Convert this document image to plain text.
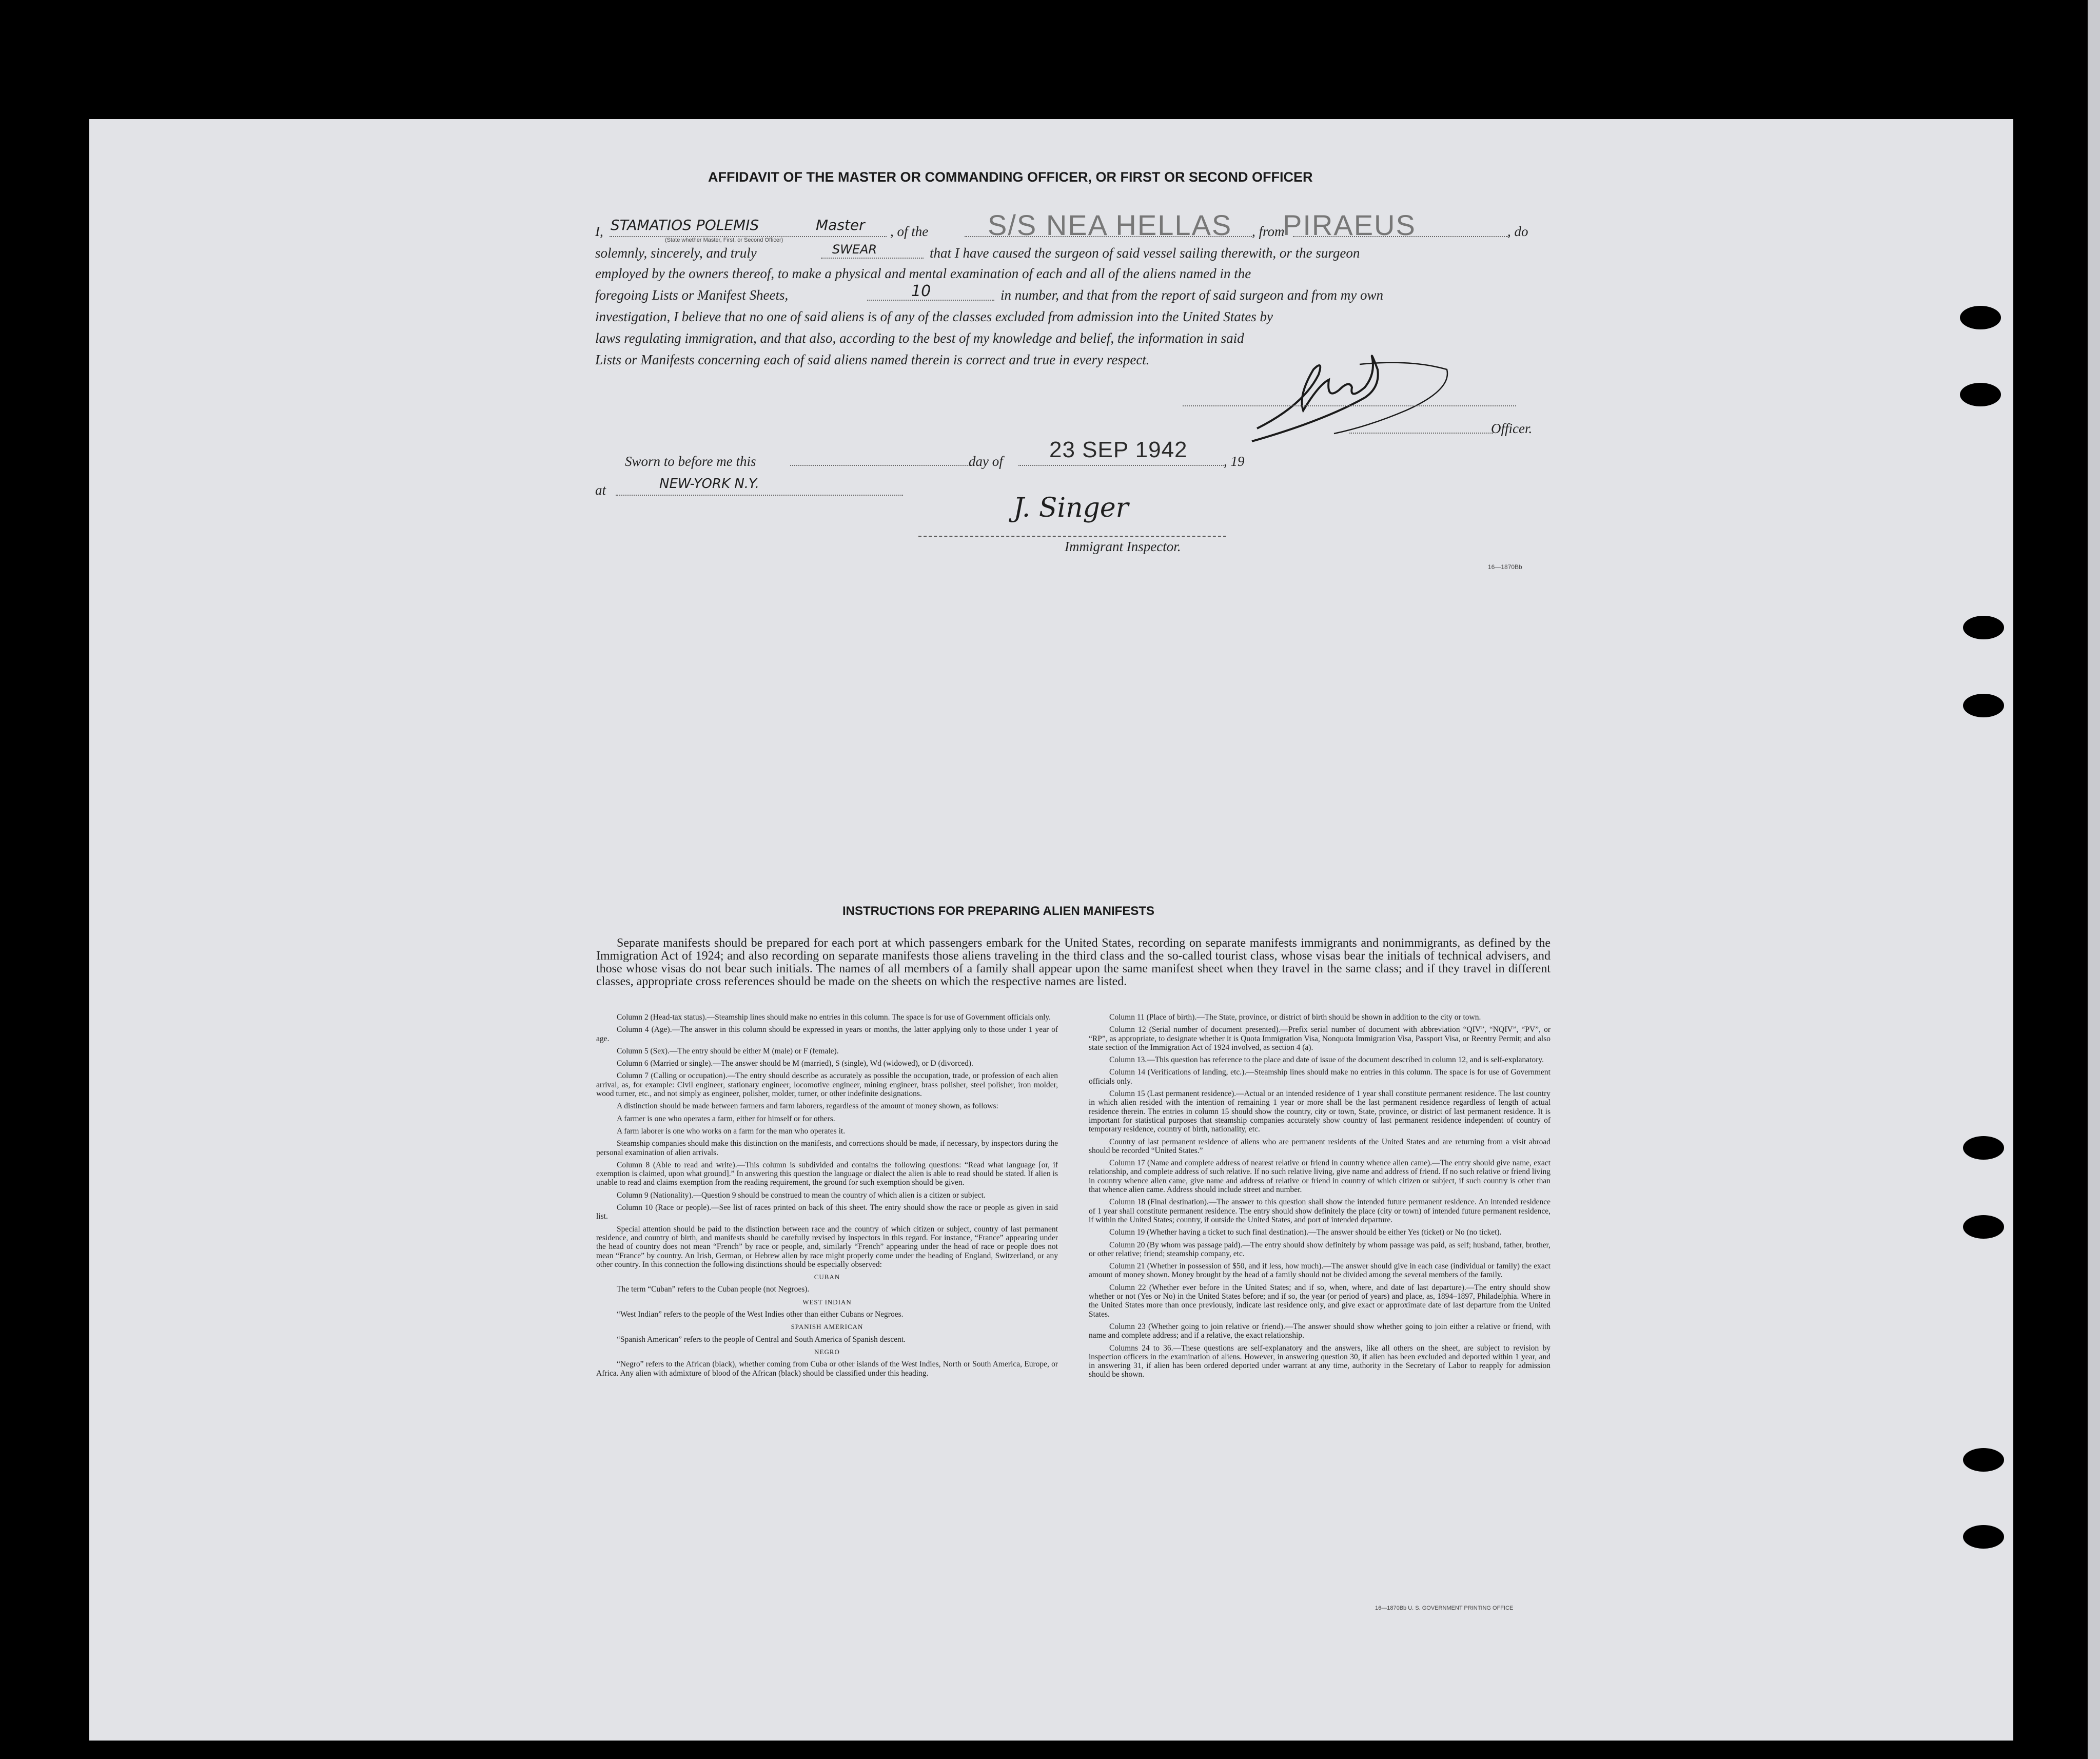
AFFIDAVIT OF THE MASTER OR COMMANDING OFFICER, OR FIRST OR SECOND OFFICER
I, STAMATIOS POLEMIS	Master
(State whether Master, First, or Second Officer)
, of the S/S NEA HELLAS , from
PIRAEUS	, do
solemnly, sincerely, and truly	SWEAR	that I have caused the surgeon of said vessel sailing therewith, or the surgeon
employed by the owners thereof, to make a physical and mental examination of each and all of the aliens named in the
foregoing Lists or Manifest Sheets,	10	in number, and that from the report of said surgeon and from my own
investigation, I believe that no one of said aliens is of any of the classes excluded from admission into the United States by
laws regulating immigration, and that also, according to the best of my knowledge and belief, the information in said
Lists or Manifests concerning each of said aliens named therein is correct and true in every respect.
Officer.
Sworn to before me this	day of 23 SEP 1942	, 19
at	NEW-YORK N.Y.
J. Singer
Immigrant Inspector.
16—1870Bb
INSTRUCTIONS FOR PREPARING ALIEN MANIFESTS
Separate manifests should be prepared for each port at which passengers embark for the United States, recording on separate manifests immigrants and nonimmigrants, as defined by the Immigration Act of 1924; and also recording on separate manifests those aliens traveling in the third class and the so-called tourist class, whose visas bear the initials of technical advisers, and those whose visas do not bear such initials. The names of all members of a family shall appear upon the same manifest sheet when they travel in the same class; and if they travel in different classes, appropriate cross references should be made on the sheets on which the respective names are listed.

Column 2 (Head-tax status).—Steamship lines should make no entries in this column. The space is for use of Government officials only.

Column 4 (Age).—The answer in this column should be expressed in years or months, the latter applying only to those under 1 year of age.

Column 5 (Sex).—The entry should be either M (male) or F (female).

Column 6 (Married or single).—The answer should be M (married), S (single), Wd (widowed), or D (divorced).

Column 7 (Calling or occupation).—The entry should describe as accurately as possible the occupation, trade, or profession of each alien arrival, as, for example: Civil engineer, stationary engineer, locomotive engineer, mining engineer, brass polisher, steel polisher, iron molder, wood turner, etc., and not simply as engineer, polisher, molder, turner, or other indefinite designations.

A distinction should be made between farmers and farm laborers, regardless of the amount of money shown, as follows:

A farmer is one who operates a farm, either for himself or for others.

A farm laborer is one who works on a farm for the man who operates it.

Steamship companies should make this distinction on the manifests, and corrections should be made, if necessary, by inspectors during the personal examination of alien arrivals.

Column 8 (Able to read and write).—This column is subdivided and contains the following questions: “Read what language [or, if exemption is claimed, upon what ground].” In answering this question the language or dialect the alien is able to read should be stated. If alien is unable to read and claims exemption from the reading requirement, the ground for such exemption should be given.

Column 9 (Nationality).—Question 9 should be construed to mean the country of which alien is a citizen or subject.

Column 10 (Race or people).—See list of races printed on back of this sheet. The entry should show the race or people as given in said list.

Special attention should be paid to the distinction between race and the country of which citizen or subject, country of last permanent residence, and country of birth, and manifests should be carefully revised by inspectors in this regard. For instance, “France” appearing under the head of country does not mean “French” by race or people, and, similarly “French” appearing under the head of race or people does not mean “France” by country. An Irish, German, or Hebrew alien by race might properly come under the heading of England, Switzerland, or any other country. In this connection the following distinctions should be especially observed:

CUBAN

The term “Cuban” refers to the Cuban people (not Negroes).

WEST INDIAN

“West Indian” refers to the people of the West Indies other than either Cubans or Negroes.

SPANISH AMERICAN

“Spanish American” refers to the people of Central and South America of Spanish descent.

NEGRO

“Negro” refers to the African (black), whether coming from Cuba or other islands of the West Indies, North or South America, Europe, or Africa. Any alien with admixture of blood of the African (black) should be classified under this heading.

Column 11 (Place of birth).—The State, province, or district of birth should be shown in addition to the city or town.

Column 12 (Serial number of document presented).—Prefix serial number of document with abbreviation “QIV”, “NQIV”, “PV”, or “RP”, as appropriate, to designate whether it is Quota Immigration Visa, Nonquota Immigration Visa, Passport Visa, or Reentry Permit; and also state section of the Immigration Act of 1924 involved, as section 4 (a).

Column 13.—This question has reference to the place and date of issue of the document described in column 12, and is self-explanatory.

Column 14 (Verifications of landing, etc.).—Steamship lines should make no entries in this column. The space is for use of Government officials only.

Column 15 (Last permanent residence).—Actual or an intended residence of 1 year shall constitute permanent residence. The last country in which alien resided with the intention of remaining 1 year or more shall be the last permanent residence regardless of length of actual residence therein. The entries in column 15 should show the country, city or town, State, province, or district of last permanent residence. It is important for statistical purposes that steamship companies accurately show country of last permanent residence independent of country of temporary residence, country of birth, nationality, etc.

Country of last permanent residence of aliens who are permanent residents of the United States and are returning from a visit abroad should be recorded “United States.”

Column 17 (Name and complete address of nearest relative or friend in country whence alien came).—The entry should give name, exact relationship, and complete address of such relative. If no such relative living, give name and address of friend. If no such relative or friend living in country whence alien came, give name and address of relative or friend in country of which citizen or subject, if such country is other than that whence alien came. Address should include street and number.

Column 18 (Final destination).—The answer to this question shall show the intended future permanent residence. An intended residence of 1 year shall constitute permanent residence. The entry should show definitely the place (city or town) of intended future permanent residence, if within the United States; country, if outside the United States, and port of intended departure.

Column 19 (Whether having a ticket to such final destination).—The answer should be either Yes (ticket) or No (no ticket).

Column 20 (By whom was passage paid).—The entry should show definitely by whom passage was paid, as self; husband, father, brother, or other relative; friend; steamship company, etc.

Column 21 (Whether in possession of $50, and if less, how much).—The answer should give in each case (individual or family) the exact amount of money shown. Money brought by the head of a family should not be divided among the several members of the family.

Column 22 (Whether ever before in the United States; and if so, when, where, and date of last departure).—The entry should show whether or not (Yes or No) in the United States before; and if so, the year (or period of years) and place, as, 1894–1897, Philadelphia. Where in the United States more than once previously, indicate last residence only, and give exact or approximate date of last departure from the United States.

Column 23 (Whether going to join relative or friend).—The answer should show whether going to join either a relative or friend, with name and complete address; and if a relative, the exact relationship.

Columns 24 to 36.—These questions are self-explanatory and the answers, like all others on the sheet, are subject to revision by inspection officers in the examination of aliens. However, in answering question 30, if alien has been excluded and deported within 1 year, and in answering 31, if alien has been ordered deported under warrant at any time, authority in the Secretary of Labor to reapply for admission should be shown.

16—1870Bb U. S. GOVERNMENT PRINTING OFFICE
